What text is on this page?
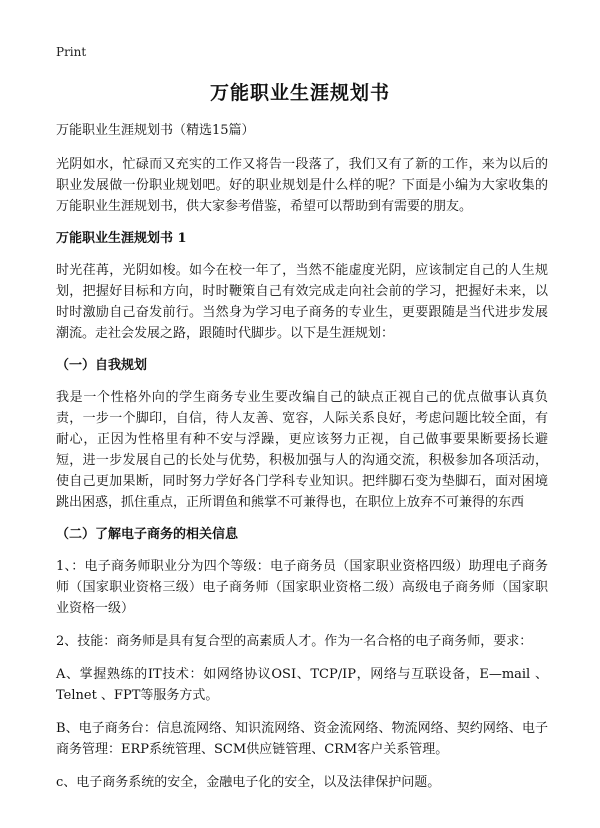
Print
万能职业生涯规划书

万能职业生涯规划书（精选15篇）

光阴如水，忙碌而又充实的工作又将告一段落了，我们又有了新的工作，来为以后的职业发展做一份职业规划吧。好的职业规划是什么样的呢？下面是小编为大家收集的万能职业生涯规划书，供大家参考借鉴，希望可以帮助到有需要的朋友。

万能职业生涯规划书 1

时光荏苒，光阴如梭。如今在校一年了，当然不能虚度光阴，应该制定自己的人生规划，把握好目标和方向，时时鞭策自己有效完成走向社会前的学习，把握好未来，以时时激励自己奋发前行。当然身为学习电子商务的专业生，更要跟随是当代进步发展潮流。走社会发展之路，跟随时代脚步。以下是生涯规划：

（一）自我规划

我是一个性格外向的学生商务专业生要改编自己的缺点正视自己的优点做事认真负责，一步一个脚印，自信，待人友善、宽容，人际关系良好，考虑问题比较全面，有耐心，正因为性格里有种不安与浮躁，更应该努力正视，自己做事要果断要扬长避短，进一步发展自己的长处与优势，积极加强与人的沟通交流，积极参加各项活动，使自己更加果断，同时努力学好各门学科专业知识。把绊脚石变为垫脚石，面对困境跳出困惑，抓住重点，正所谓鱼和熊掌不可兼得也，在职位上放弃不可兼得的东西

（二）了解电子商务的相关信息

1、：电子商务师职业分为四个等级：电子商务员（国家职业资格四级）助理电子商务师（国家职业资格三级）电子商务师（国家职业资格二级）高级电子商务师（国家职业资格一级）

2、技能：商务师是具有复合型的高素质人才。作为一名合格的电子商务师，要求：

A、掌握熟练的IT技术：如网络协议OSI、TCP/IP，网络与互联设备，E—mail 、Telnet 、FPT等服务方式。

B、电子商务台：信息流网络、知识流网络、资金流网络、物流网络、契约网络、电子商务管理：ERP系统管理、SCM供应链管理、CRM客户关系管理。

c、电子商务系统的安全，金融电子化的安全，以及法律保护问题。
